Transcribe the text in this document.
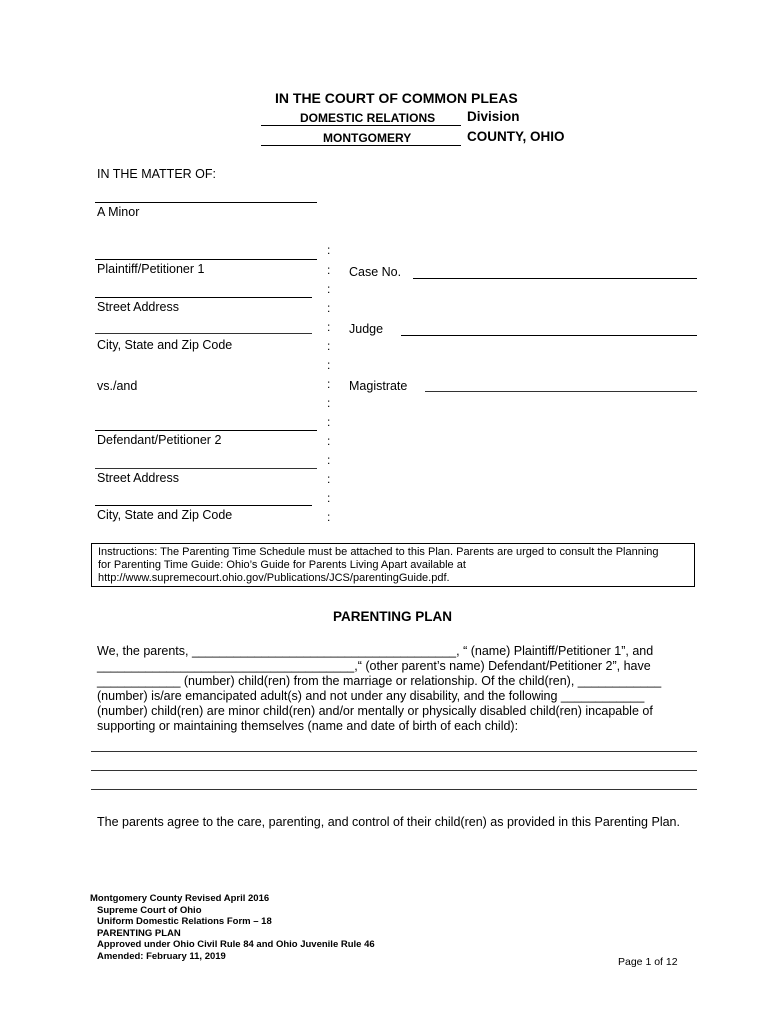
IN THE COURT OF COMMON PLEAS
DOMESTIC RELATIONS Division
MONTGOMERY	COUNTY, OHIO
IN THE MATTER OF:
A Minor
Plaintiff/Petitioner 1
Street Address
City, State and Zip Code
vs./and
Defendant/Petitioner 2
Street Address
City, State and Zip Code
:
:
:
:
:
:
:
:
:
:
:
:
:
:
:
Case No.
Judge
Magistrate
Instructions: The Parenting Time Schedule must be attached to this Plan. Parents are urged to consult the Planning
for Parenting Time Guide: Ohio’s Guide for Parents Living Apart available at
http://www.supremecourt.ohio.gov/Publications/JCS/parentingGuide.pdf.
PARENTING PLAN
We, the parents, ______________________________________, “ (name) Plaintiff/Petitioner 1”, and
_____________________________________,“ (other parent’s name) Defendant/Petitioner 2”, have
____________ (number) child(ren) from the marriage or relationship. Of the child(ren), ____________
(number) is/are emancipated adult(s) and not under any disability, and the following ____________
(number) child(ren) are minor child(ren) and/or mentally or physically disabled child(ren) incapable of
supporting or maintaining themselves (name and date of birth of each child):
The parents agree to the care, parenting, and control of their child(ren) as provided in this Parenting Plan.
Montgomery County Revised April 2016
Supreme Court of Ohio
Uniform Domestic Relations Form – 18
PARENTING PLAN
Approved under Ohio Civil Rule 84 and Ohio Juvenile Rule 46
Amended: February 11, 2019	Page 1 of 12
